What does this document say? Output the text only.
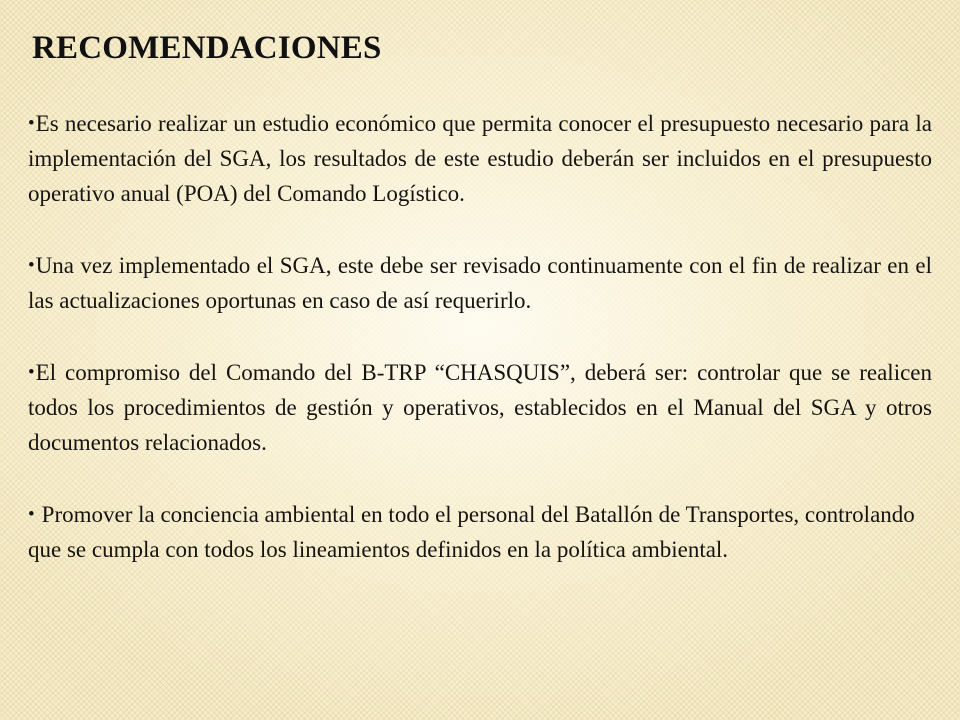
RECOMENDACIONES
•Es necesario realizar un estudio económico que permita conocer el presupuesto necesario para la implementación del SGA, los resultados de este estudio deberán ser incluidos en el presupuesto operativo anual (POA) del Comando Logístico.
•Una vez implementado el SGA, este debe ser revisado continuamente con el fin de realizar en el las actualizaciones oportunas en caso de así requerirlo.
•El compromiso del Comando del B-TRP “CHASQUIS”, deberá ser: controlar que se realicen todos los procedimientos de gestión y operativos, establecidos en el Manual del SGA y otros documentos relacionados.
• Promover la conciencia ambiental en todo el personal del Batallón de Transportes, controlando que se cumpla con todos los lineamientos definidos en la política ambiental.
